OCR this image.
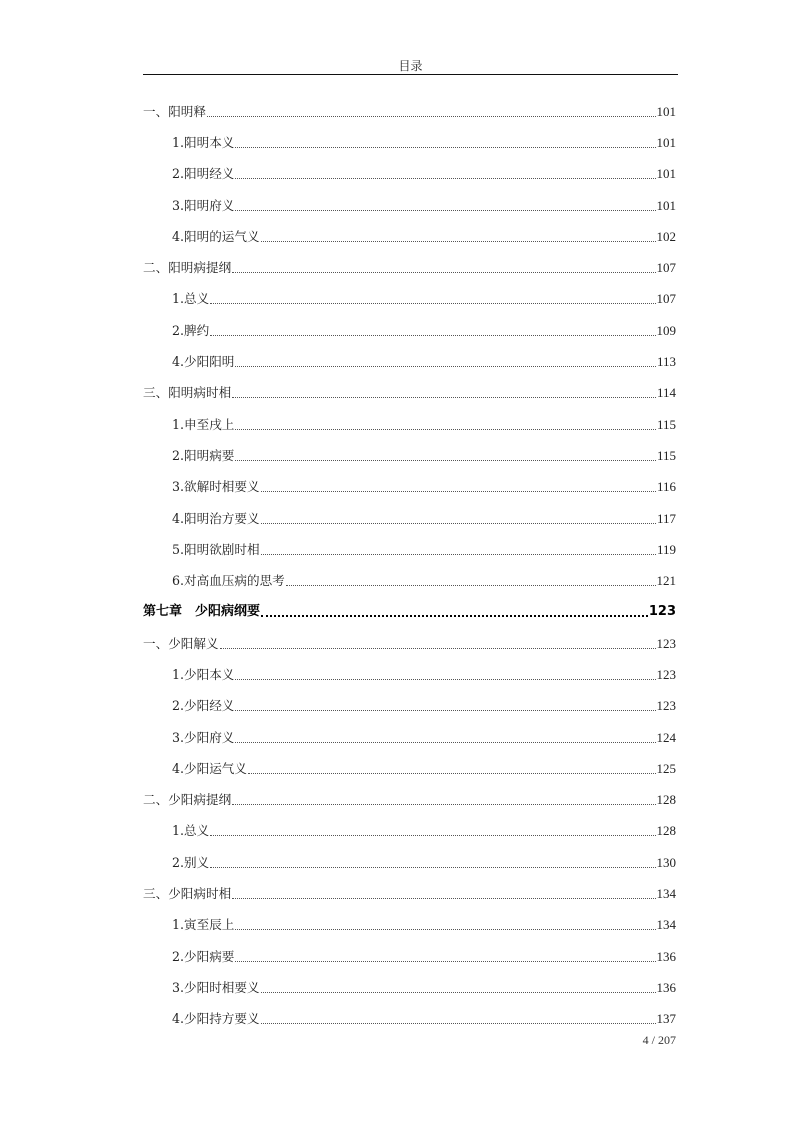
目录
一、阳明释	101
1.阳明本义	101
2.阳明经义	101
3.阳明府义	101
4.阳明的运气义	102
二、阳明病提纲	107
1.总义	107
2.脾约	109
4.少阳阳明	113
三、阳明病时相	114
1.申至戌上	115
2.阳明病要	115
3.欲解时相要义	116
4.阳明治方要义	117
5.阳明欲剧时相	119
6.对高血压病的思考	121
第七章　少阳病纲要	123
一、少阳解义	123
1.少阳本义	123
2.少阳经义	123
3.少阳府义	124
4.少阳运气义	125
二、少阳病提纲	128
1.总义	128
2.别义	130
三、少阳病时相	134
1.寅至辰上	134
2.少阳病要	136
3.少阳时相要义	136
4.少阳持方要义	137
4 / 207
